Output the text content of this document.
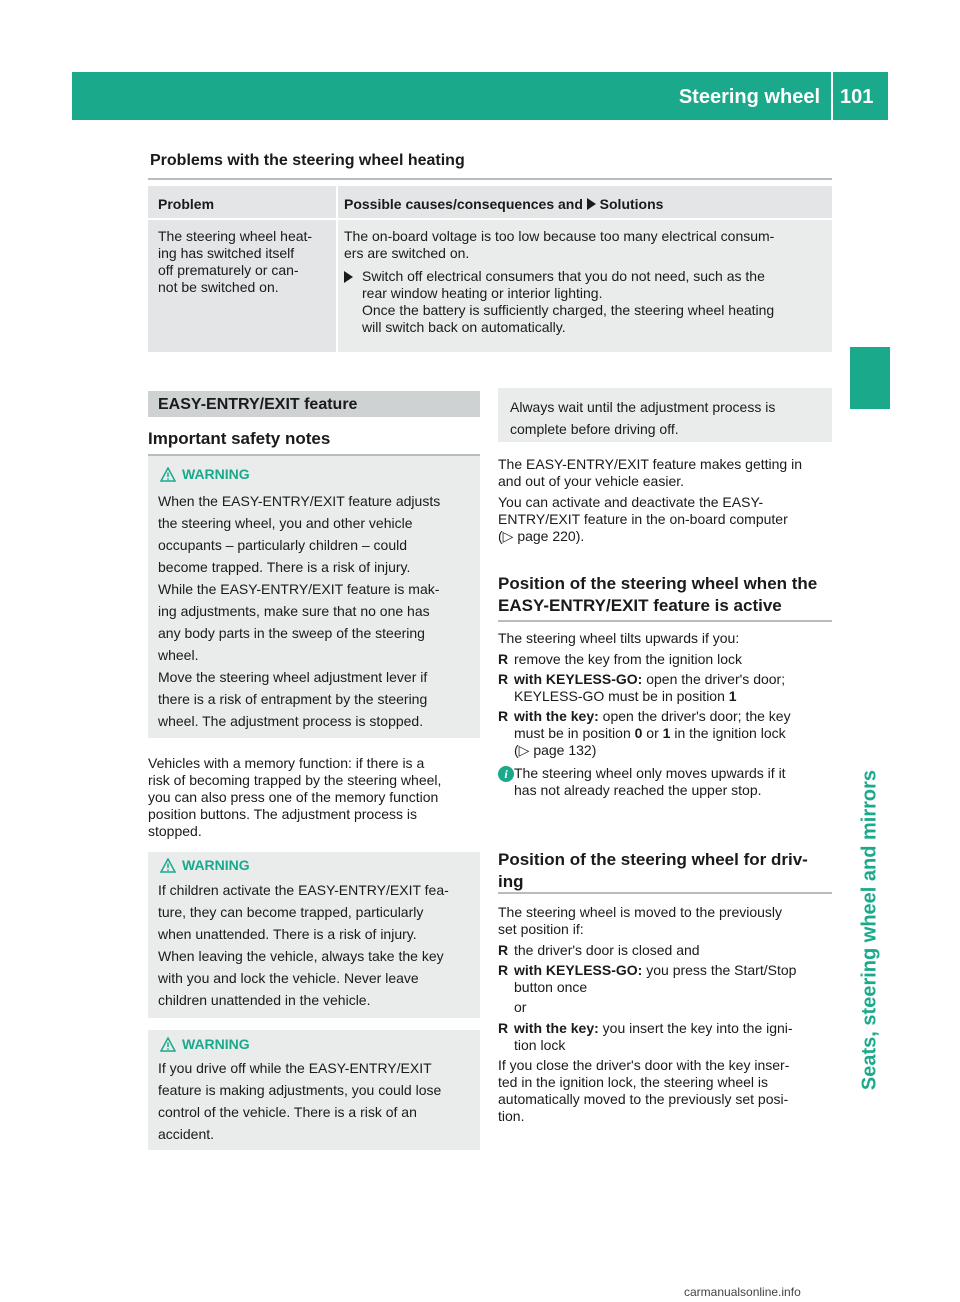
Steering wheel 101
Seats, steering wheel and mirrors
Problems with the steering wheel heating
Problem	Possible causes/consequences and Solutions
The steering wheel heat-
ing has switched itself
off prematurely or can-
not be switched on.
The on-board voltage is too low because too many electrical consum-
ers are switched on.
Switch off electrical consumers that you do not need, such as the
rear window heating or interior lighting.
Once the battery is sufficiently charged, the steering wheel heating
will switch back on automatically.
EASY-ENTRY/EXIT feature
Important safety notes
WARNING
When the EASY-ENTRY/EXIT feature adjusts
the steering wheel, you and other vehicle
occupants – particularly children – could
become trapped. There is a risk of injury.
While the EASY-ENTRY/EXIT feature is mak-
ing adjustments, make sure that no one has
any body parts in the sweep of the steering
wheel.
Move the steering wheel adjustment lever if
there is a risk of entrapment by the steering
wheel. The adjustment process is stopped.
Vehicles with a memory function: if there is a
risk of becoming trapped by the steering wheel,
you can also press one of the memory function
position buttons. The adjustment process is
stopped.
WARNING
If children activate the EASY-ENTRY/EXIT fea-
ture, they can become trapped, particularly
when unattended. There is a risk of injury.
When leaving the vehicle, always take the key
with you and lock the vehicle. Never leave
children unattended in the vehicle.
WARNING
If you drive off while the EASY-ENTRY/EXIT
feature is making adjustments, you could lose
control of the vehicle. There is a risk of an
accident.
Always wait until the adjustment process is
complete before driving off.
The EASY-ENTRY/EXIT feature makes getting in
and out of your vehicle easier.
You can activate and deactivate the EASY-
ENTRY/EXIT feature in the on-board computer
(▷ page 220).
Position of the steering wheel when the
EASY-ENTRY/EXIT feature is active
The steering wheel tilts upwards if you:
R remove the key from the ignition lock
R with KEYLESS-GO: open the driver's door;
KEYLESS-GO must be in position 1
R with the key: open the driver's door; the key
must be in position 0 or 1 in the ignition lock
(▷ page 132)
i The steering wheel only moves upwards if it
has not already reached the upper stop.
Position of the steering wheel for driv-
ing
The steering wheel is moved to the previously
set position if:
R the driver's door is closed and
R with KEYLESS-GO: you press the Start/Stop
button once
or
R with the key: you insert the key into the igni-
tion lock
If you close the driver's door with the key inser-
ted in the ignition lock, the steering wheel is
automatically moved to the previously set posi-
tion.
carmanualsonline.info
